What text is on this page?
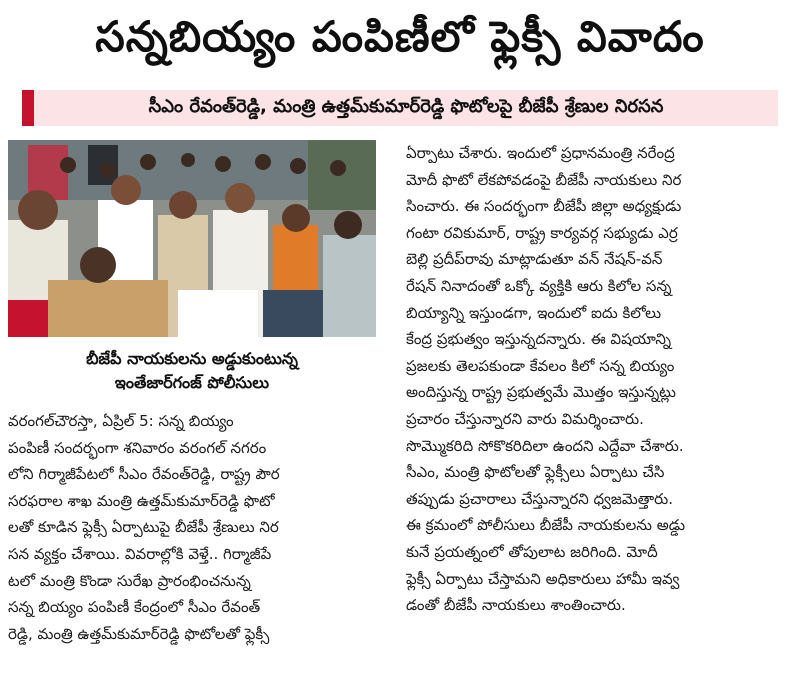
సన్నబియ్యం పంపిణీలో ఫ్లెక్సీ వివాదం
సీఎం రేవంత్‌రెడ్డి, మంత్రి ఉత్తమ్‌కుమార్‌రెడ్డి ఫొటోలపై బీజేపీ శ్రేణుల నిరసన
బీజేపీ నాయకులను అడ్డుకుంటున్న
ఇంతేజార్‌గంజ్ పోలీసులు

వరంగల్‌చౌరస్తా, ఏప్రిల్ 5: సన్న బియ్యం

పంపిణీ సందర్భంగా శనివారం వరంగల్ నగరం

లోని గిర్మాజీపేటలో సీఎం రేవంత్‌రెడ్డి, రాష్ట్ర పౌర

సరఫరాల శాఖ మంత్రి ఉత్తమ్‌కుమార్‌రెడ్డి ఫొటో

లతో కూడిన ఫ్లెక్సీ ఏర్పాటుపై బీజేపీ శ్రేణులు నిర

సన వ్యక్తం చేశాయి. వివరాల్లోకి వెళ్తే.. గిర్మాజీపే

టలో మంత్రి కొండా సురేఖ ప్రారంభించనున్న

సన్న బియ్యం పంపిణీ కేంద్రంలో సీఎం రేవంత్

రెడ్డి, మంత్రి ఉత్తమ్‌కుమార్‌రెడ్డి ఫొటోలతో ఫ్లెక్సీ

ఏర్పాటు చేశారు. ఇందులో ప్రధానమంత్రి నరేంద్ర

మోదీ ఫొటో లేకపోవడంపై బీజేపీ నాయకులు నిర

సించారు. ఈ సందర్భంగా బీజేపీ జిల్లా అధ్యక్షుడు

గంటా రవికుమార్, రాష్ట్ర కార్యవర్గ సభ్యుడు ఎర్ర

బెల్లి ప్రదీప్‌రావు మాట్లాడుతూ వన్ నేషన్-వన్

రేషన్ నినాదంతో ఒక్కో వ్యక్తికి ఆరు కిలోల సన్న

బియ్యాన్ని ఇస్తుండగా, ఇందులో ఐదు కిలోలు

కేంద్ర ప్రభుత్వం ఇస్తున్నదన్నారు. ఈ విషయాన్ని

ప్రజలకు తెలపకుండా కేవలం కిలో సన్న బియ్యం

అందిస్తున్న రాష్ట్ర ప్రభుత్వమే మొత్తం ఇస్తున్నట్లు

ప్రచారం చేస్తున్నారని వారు విమర్శించారు.

సొమ్మొకరిది సోకొకరిదిలా ఉందని ఎద్దేవా చేశారు.

సీఎం, మంత్రి ఫొటోలతో ఫ్లెక్సీలు ఏర్పాటు చేసి

తప్పుడు ప్రచారాలు చేస్తున్నారని ధ్వజమెత్తారు.

ఈ క్రమంలో పోలీసులు బీజేపీ నాయకులను అడ్డు

కునే ప్రయత్నంలో తోపులాట జరిగింది. మోదీ

ఫ్లెక్సీ ఏర్పాటు చేస్తామని అధికారులు హామీ ఇవ్వ

డంతో బీజేపీ నాయకులు శాంతించారు.
